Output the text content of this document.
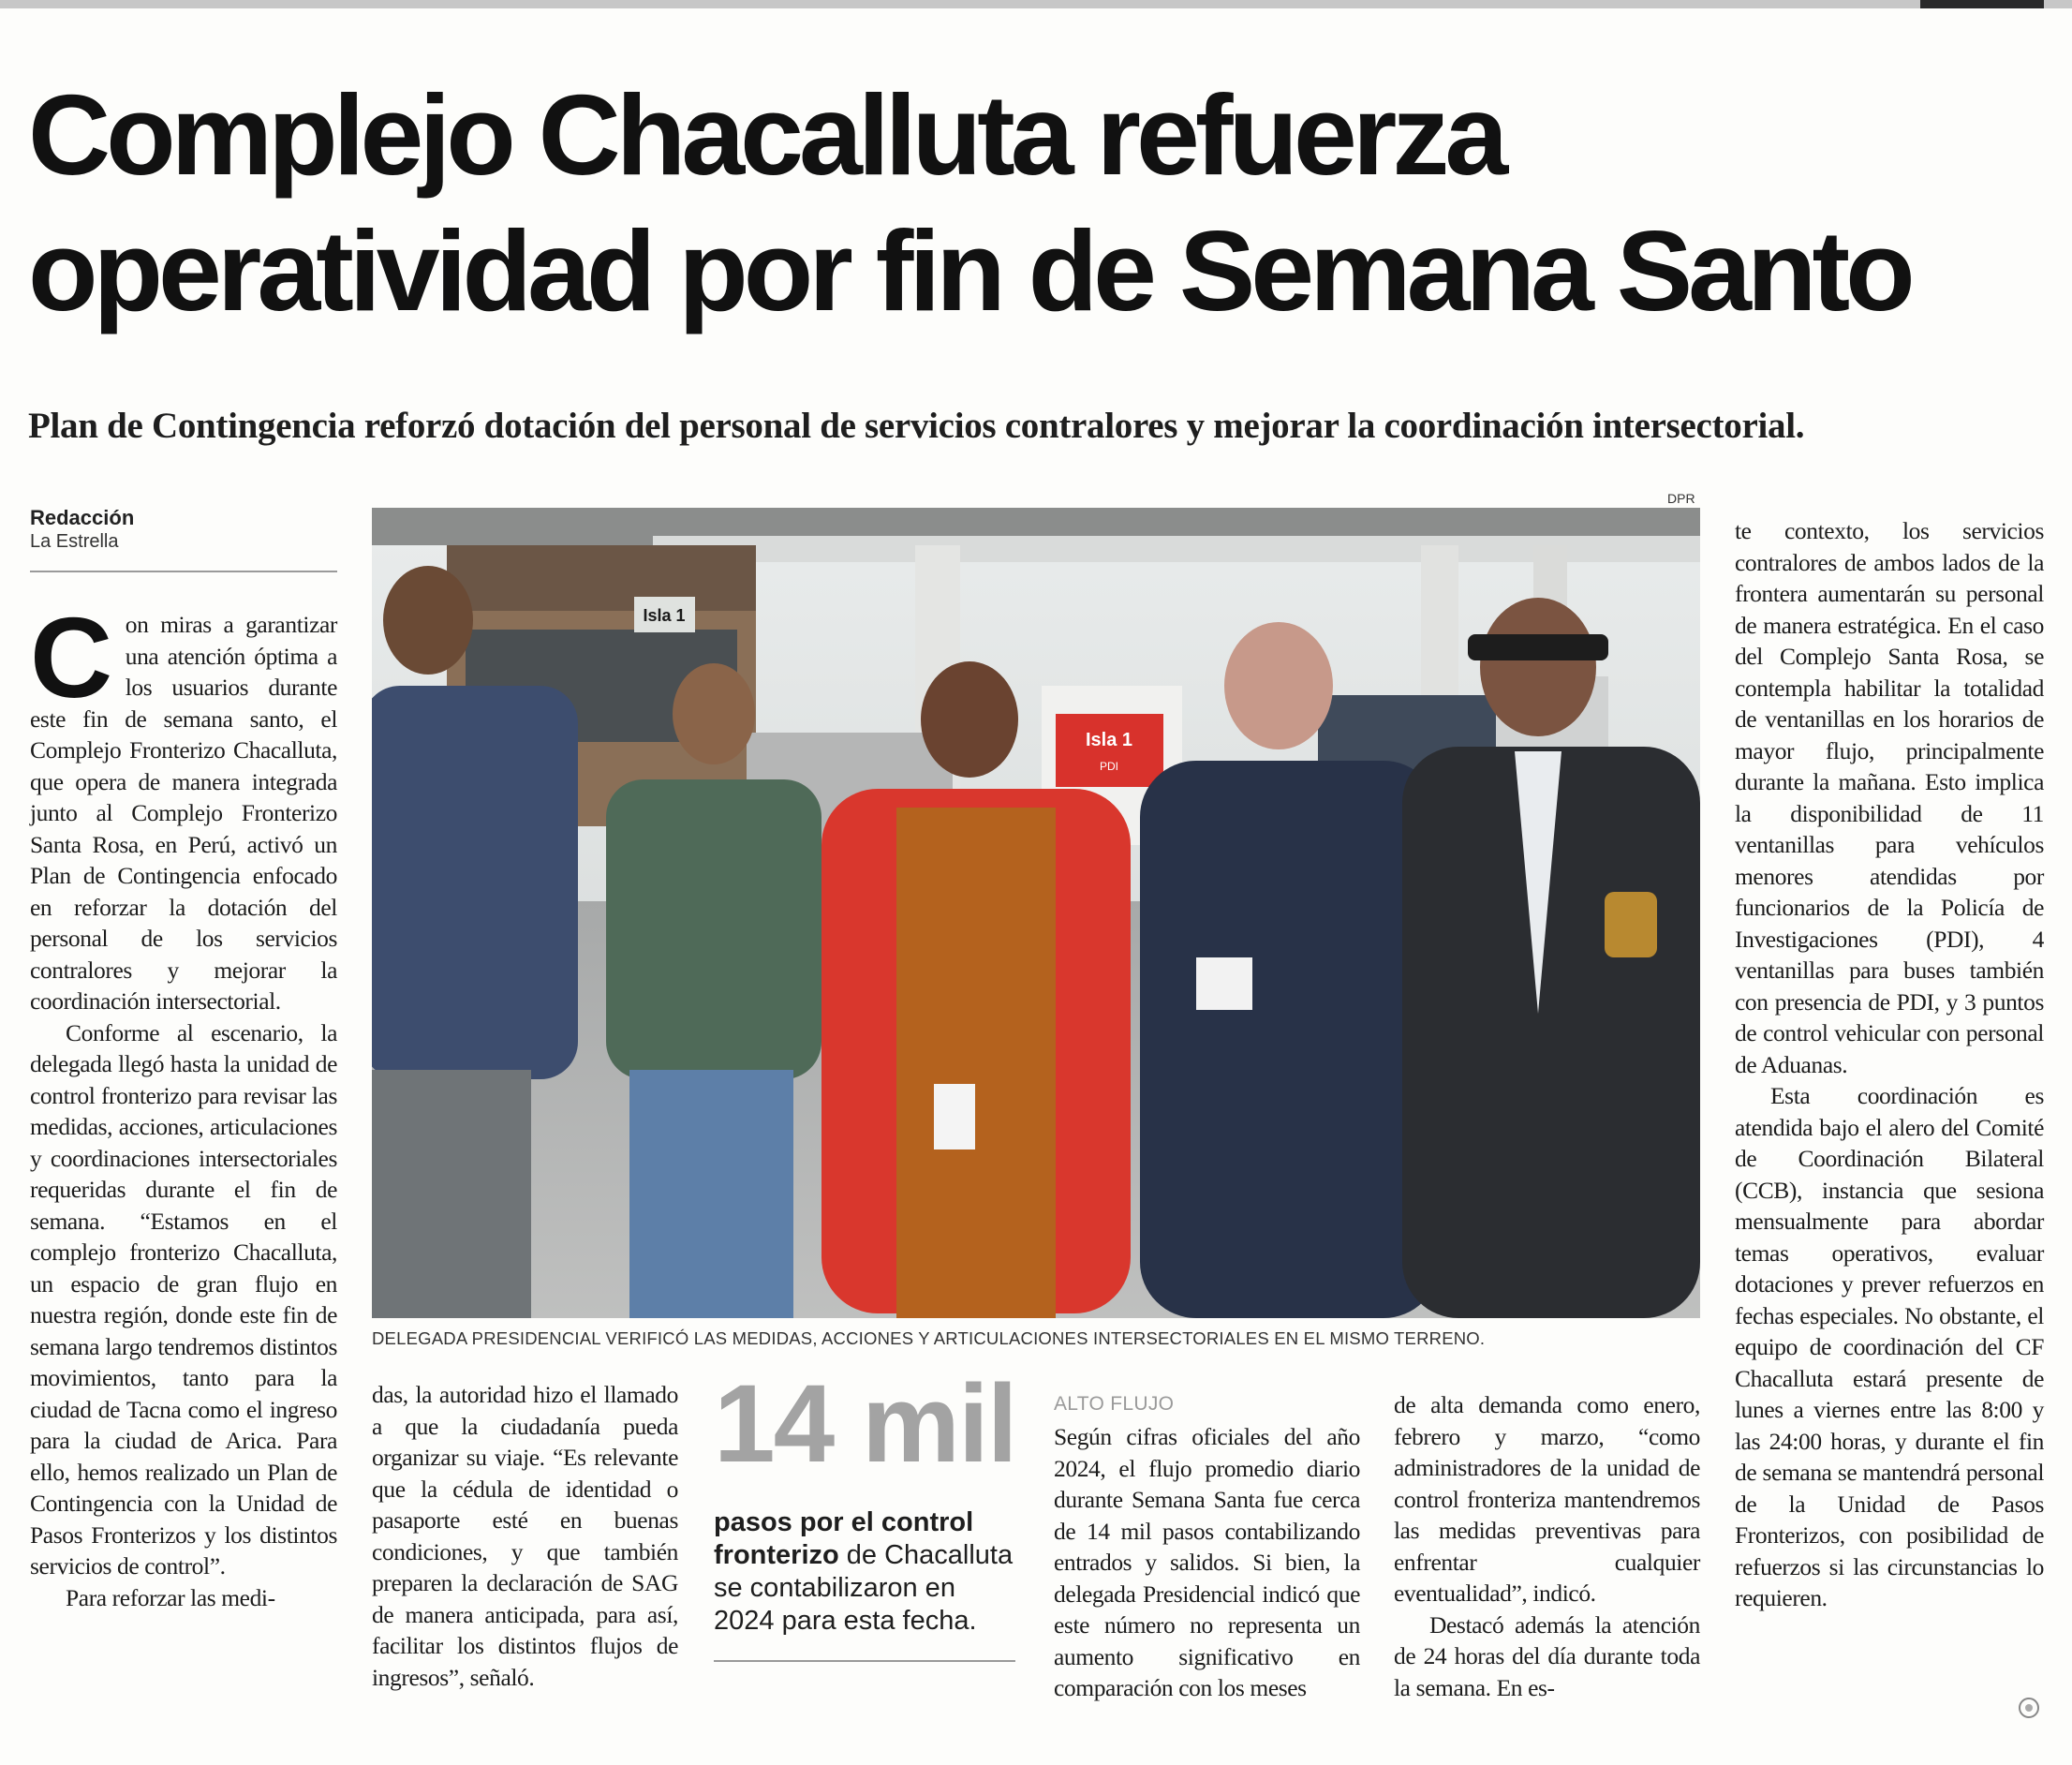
Complejo Chacalluta refuerza
operatividad por fin de Semana Santo

Plan de Contingencia reforzó dotación del personal de servicios contralores y mejorar la coordinación intersectorial.

Redacción
La Estrella

Con miras a garantizar una atención óptima a los usuarios durante este fin de semana santo, el Complejo Fronterizo Chacalluta, que opera de manera integrada junto al Complejo Fronterizo Santa Rosa, en Perú, activó un Plan de Contingencia enfocado en reforzar la dotación del personal de los servicios contralores y mejorar la coordinación intersectorial.

Conforme al escenario, la delegada llegó hasta la unidad de control fronterizo para revisar las medidas, acciones, articulaciones y coordinaciones intersectoriales requeridas durante el fin de semana. “Estamos en el complejo fronterizo Chacalluta, un espacio de gran flujo en nuestra región, donde este fin de semana largo tendremos distintos movimientos, tanto para la ciudad de Tacna como el ingreso para la ciudad de Arica. Para ello, hemos realizado un Plan de Contingencia con la Unidad de Pasos Fronterizos y los distintos servicios de control”.

Para reforzar las medi-

DPR
Isla 1
Isla 1
PDI
DELEGADA PRESIDENCIAL VERIFICÓ LAS MEDIDAS, ACCIONES Y ARTICULACIONES INTERSECTORIALES EN EL MISMO TERRENO.

das, la autoridad hizo el llamado a que la ciudadanía pueda organizar su viaje. “Es relevante que la cédula de identidad o pasaporte esté en buenas condiciones, y que también preparen la declaración de SAG de manera anticipada, para así, facilitar los distintos flujos de ingresos”, señaló.

14 mil
pasos por el control fronterizo de Chacalluta se contabilizaron en 2024 para esta fecha.
ALTO FLUJO

Según cifras oficiales del año 2024, el flujo promedio diario durante Semana Santa fue cerca de 14 mil pasos contabilizando entrados y salidos. Si bien, la delegada Presidencial indicó que este número no representa un aumento significativo en comparación con los meses

de alta demanda como enero, febrero y marzo, “como administradores de la unidad de control fronteriza mantendremos las medidas preventivas para enfrentar cualquier eventualidad”, indicó.

Destacó además la atención de 24 horas del día durante toda la semana. En es-

te contexto, los servicios contralores de ambos lados de la frontera aumentarán su personal de manera estratégica. En el caso del Complejo Santa Rosa, se contempla habilitar la totalidad de ventanillas en los horarios de mayor flujo, principalmente durante la mañana. Esto implica la disponibilidad de 11 ventanillas para vehículos menores atendidas por funcionarios de la Policía de Investigaciones (PDI), 4 ventanillas para buses también con presencia de PDI, y 3 puntos de control vehicular con personal de Aduanas.

Esta coordinación es atendida bajo el alero del Comité de Coordinación Bilateral (CCB), instancia que sesiona mensualmente para abordar temas operativos, evaluar dotaciones y prever refuerzos en fechas especiales. No obstante, el equipo de coordinación del CF Chacalluta estará presente de lunes a viernes entre las 8:00 y las 24:00 horas, y durante el fin de semana se mantendrá personal de la Unidad de Pasos Fronterizos, con posibilidad de refuerzos si las circunstancias lo requieren.
